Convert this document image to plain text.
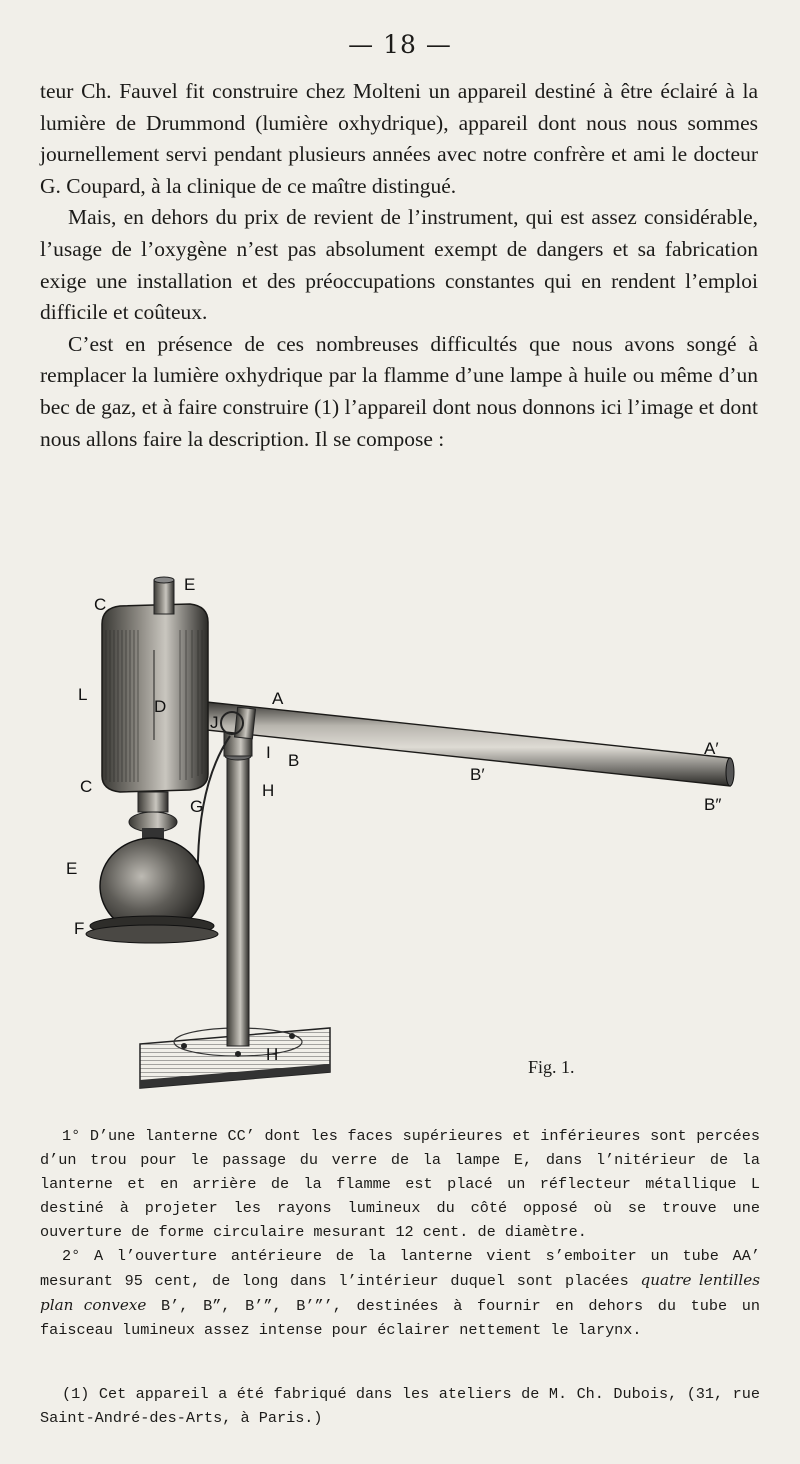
— 18 —

teur Ch. Fauvel fit construire chez Molteni un appareil destiné à être éclairé à la lumière de Drummond (lumière oxhydrique), appareil dont nous nous sommes journellement servi pendant plusieurs années avec notre confrère et ami le docteur G. Coupard, à la clinique de ce maître distingué.

Mais, en dehors du prix de revient de l’instrument, qui est assez considérable, l’usage de l’oxygène n’est pas absolument exempt de dangers et sa fabrication exige une installation et des préoccupations constantes qui en rendent l’emploi difficile et coûteux.

C’est en présence de ces nombreuses difficultés que nous avons songé à remplacer la lumière oxhydrique par la flamme d’une lampe à huile ou même d’un bec de gaz, et à faire construire (1) l’appareil dont nous donnons ici l’image et dont nous allons faire la description. Il se compose :

C
E
L
D	A
J
I B
A′
B′
B″
C
G
H
E
F
H
Fig. 1.

1° D’une lanterne CC’ dont les faces supérieures et inférieures sont percées d’un trou pour le passage du verre de la lampe E, dans l’nitérieur de la lanterne et en arrière de la flamme est placé un réflecteur métallique L destiné à projeter les rayons lumineux du côté opposé où se trouve une ouverture de forme circulaire mesurant 12 cent. de diamètre.

2° A l’ouverture antérieure de la lanterne vient s’emboiter un tube AA’ mesurant 95 cent, de long dans l’intérieur duquel sont placées quatre lentilles plan convexe B’, B”, B’”, B’”’, destinées à fournir en dehors du tube un faisceau lumineux assez intense pour éclairer nettement le larynx.

(1) Cet appareil a été fabriqué dans les ateliers de M. Ch. Dubois, (31, rue Saint-André-des-Arts, à Paris.)
